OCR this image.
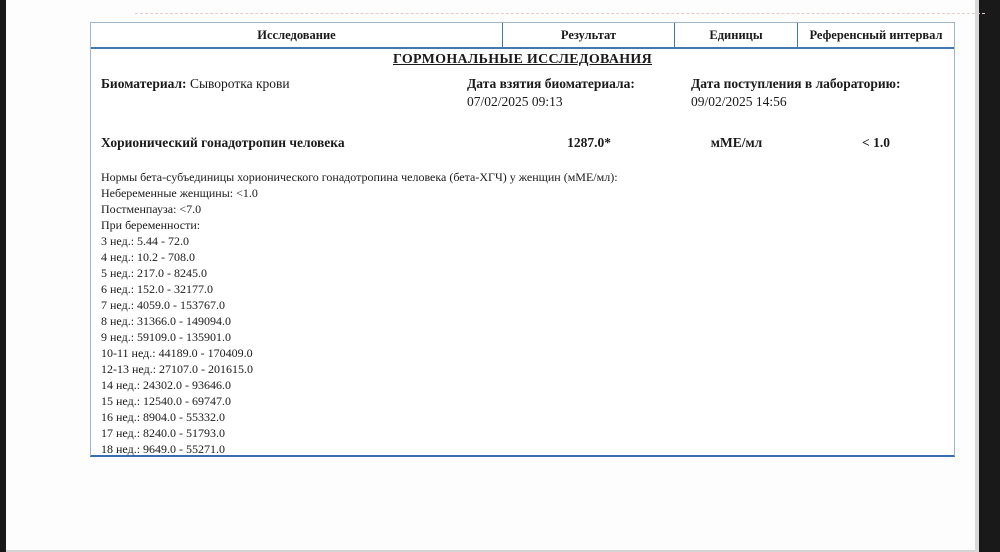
Исследование	Результат	Единицы	Референсный интервал
ГОРМОНАЛЬНЫЕ ИССЛЕДОВАНИЯ
Биоматериал: Сыворотка крови	Дата взятия биоматериала:
07/02/2025 09:13
Дата поступления в лабораторию:
09/02/2025 14:56
Хорионический гонадотропин человека	1287.0*	мМЕ/мл	< 1.0
Нормы бета-субъединицы хорионического гонадотропина человека (бета-ХГЧ) у женщин (мМЕ/мл):
Небеременные женщины: <1.0
Постменпауза: <7.0
При беременности:
3 нед.: 5.44 - 72.0
4 нед.: 10.2 - 708.0
5 нед.: 217.0 - 8245.0
6 нед.: 152.0 - 32177.0
7 нед.: 4059.0 - 153767.0
8 нед.: 31366.0 - 149094.0
9 нед.: 59109.0 - 135901.0
10-11 нед.: 44189.0 - 170409.0
12-13 нед.: 27107.0 - 201615.0
14 нед.: 24302.0 - 93646.0
15 нед.: 12540.0 - 69747.0
16 нед.: 8904.0 - 55332.0
17 нед.: 8240.0 - 51793.0
18 нед.: 9649.0 - 55271.0
